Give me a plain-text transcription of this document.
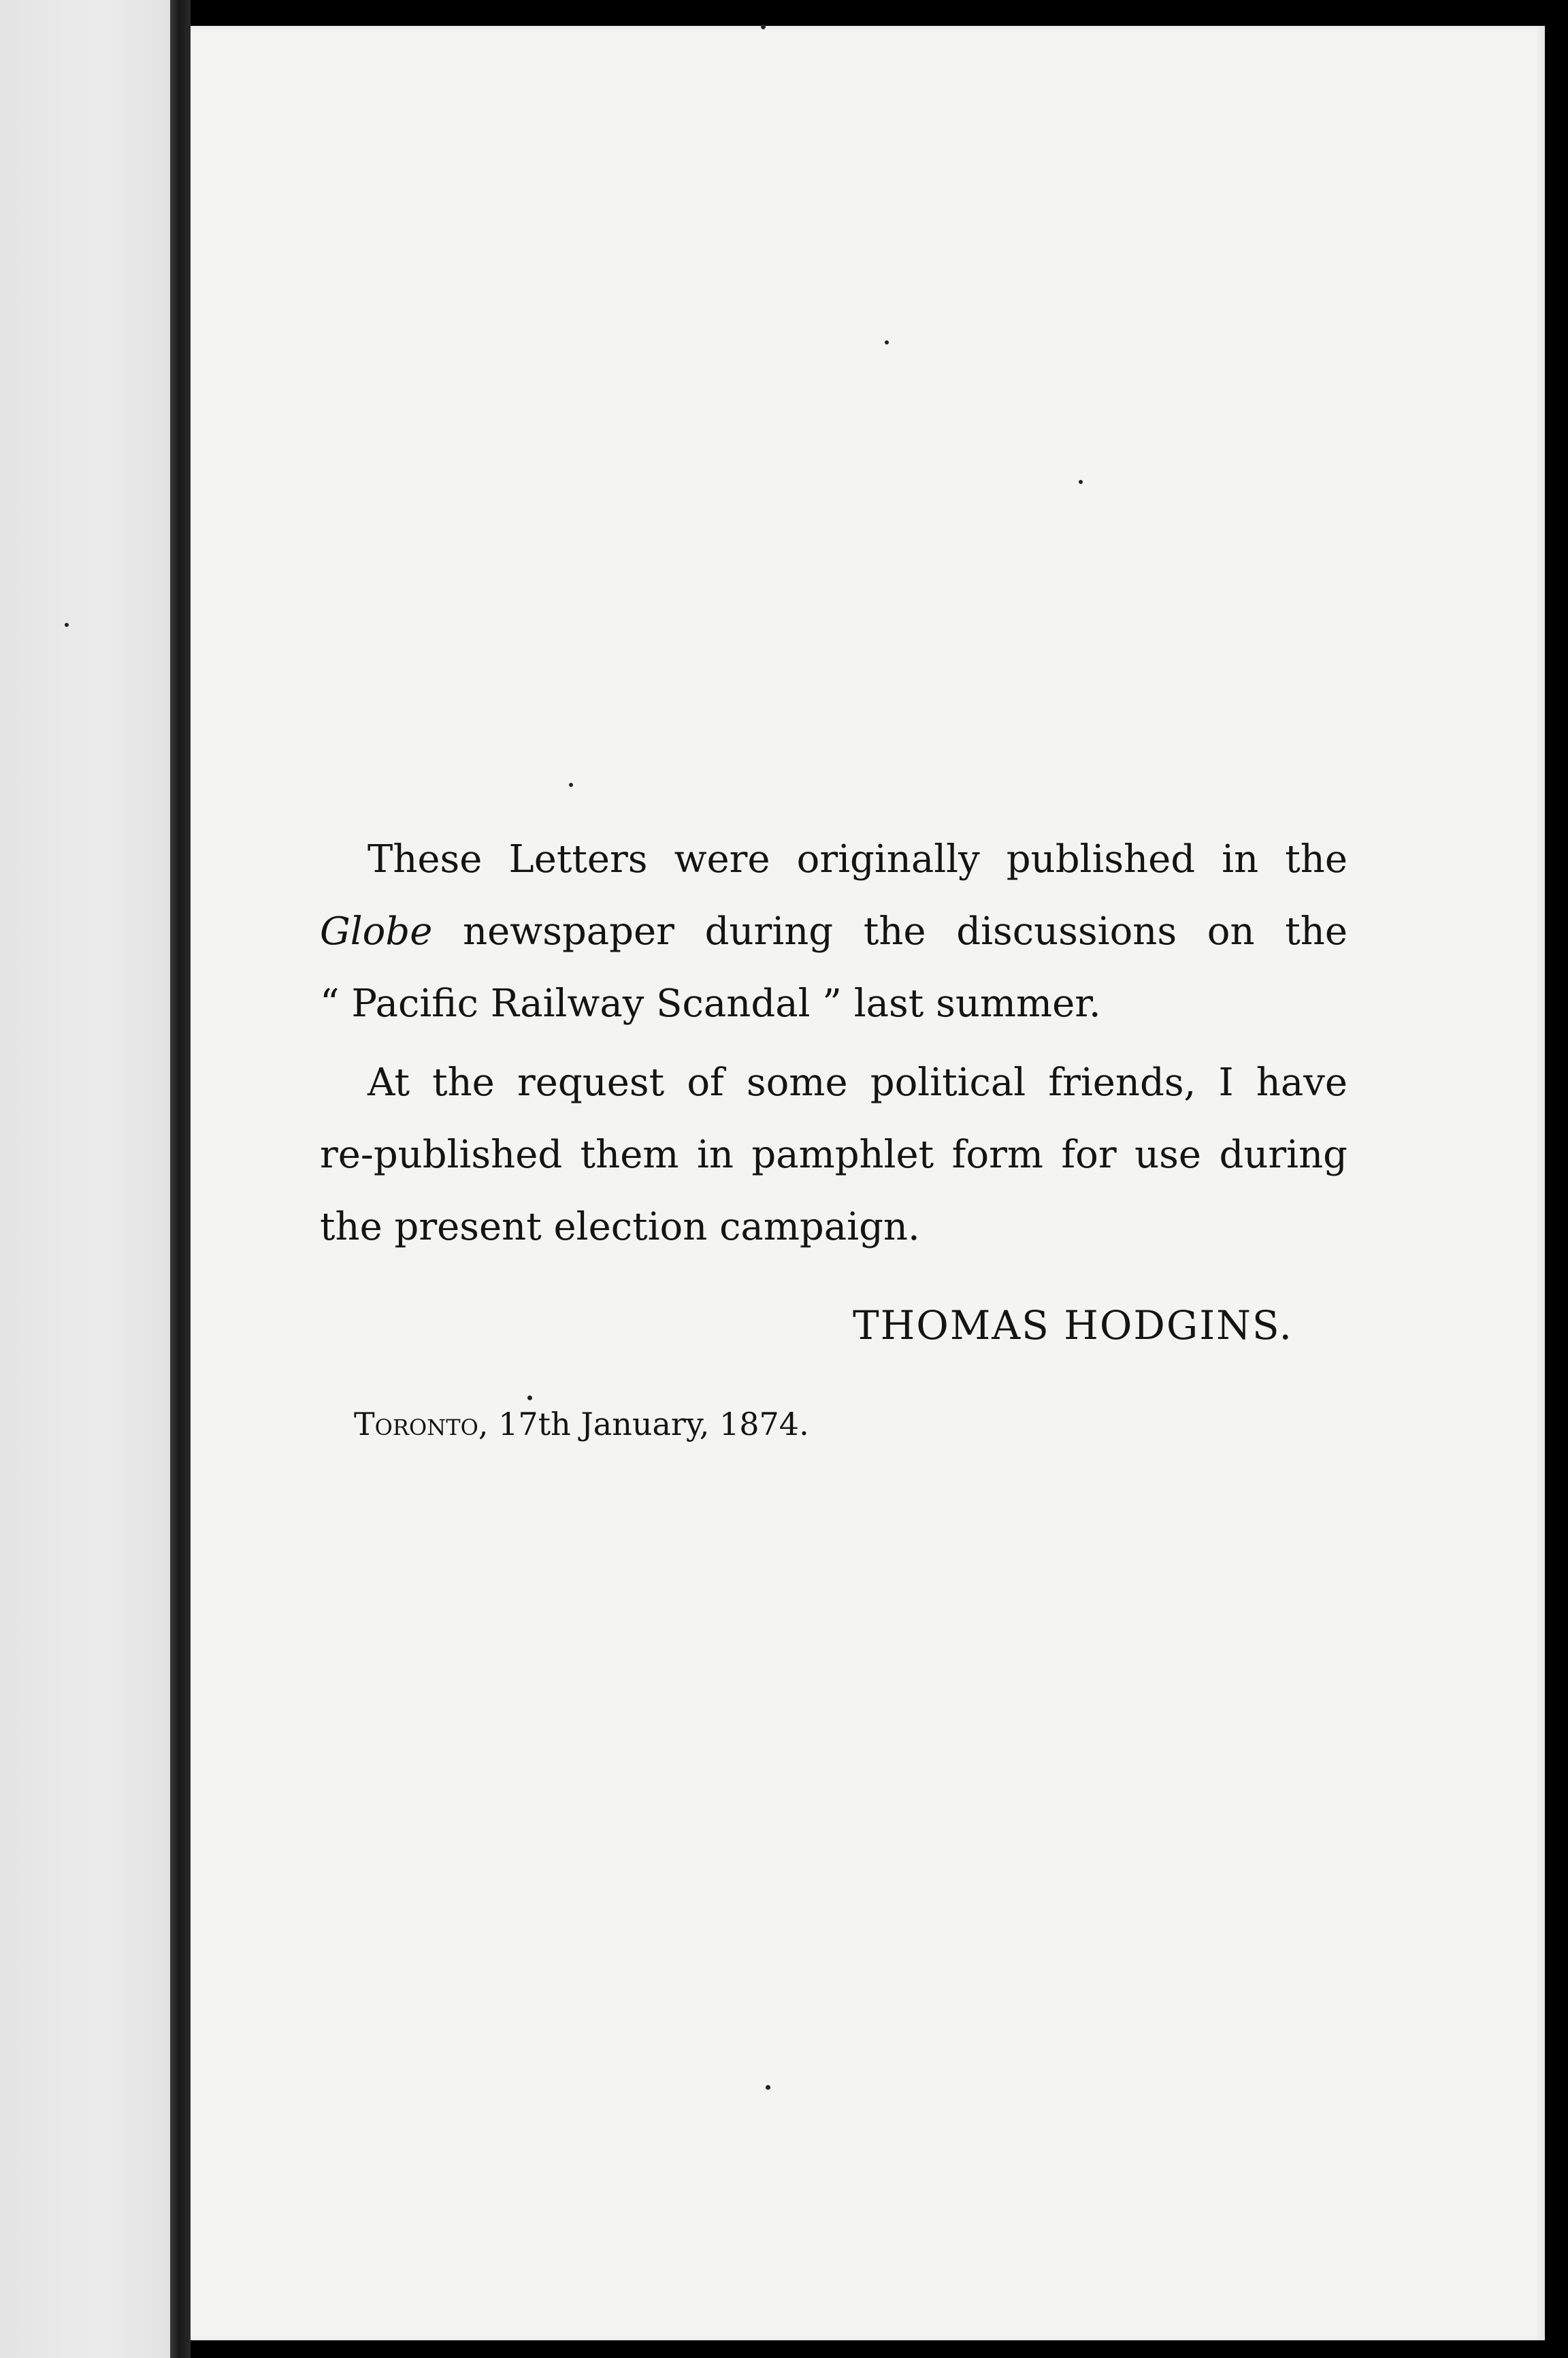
These Letters were originally published in the
Globe newspaper during the discussions on the
“ Pacific Railway Scandal ” last summer.

At the request of some political friends, I have
re-published them in pamphlet form for use during
the present election campaign.

THOMAS HODGINS.
Toronto, 17th January, 1874.
